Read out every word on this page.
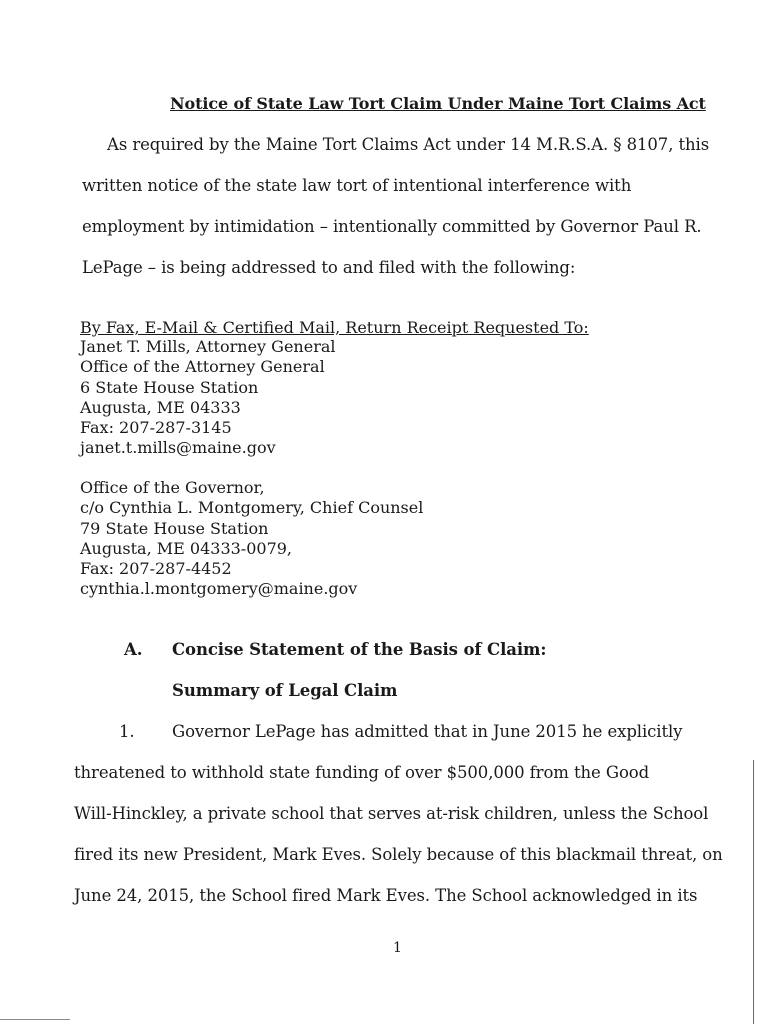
Notice of State Law Tort Claim Under Maine Tort Claims Act
As required by the Maine Tort Claims Act under 14 M.R.S.A. § 8107, this
written notice of the state law tort of intentional interference with
employment by intimidation – intentionally committed by Governor Paul R.
LePage – is being addressed to and filed with the following:
By Fax, E-Mail & Certified Mail, Return Receipt Requested To:
Janet T. Mills, Attorney General
Office of the Attorney General
6 State House Station
Augusta, ME 04333
Fax: 207-287-3145
janet.t.mills@maine.gov
Office of the Governor,
c/o Cynthia L. Montgomery, Chief Counsel
79 State House Station
Augusta, ME 04333-0079,
Fax: 207-287-4452
cynthia.l.montgomery@maine.gov
A. Concise Statement of the Basis of Claim:
Summary of Legal Claim
1. Governor LePage has admitted that in June 2015 he explicitly
threatened to withhold state funding of over $500,000 from the Good
Will-Hinckley, a private school that serves at-risk children, unless the School
fired its new President, Mark Eves. Solely because of this blackmail threat, on
June 24, 2015, the School fired Mark Eves. The School acknowledged in its
1
